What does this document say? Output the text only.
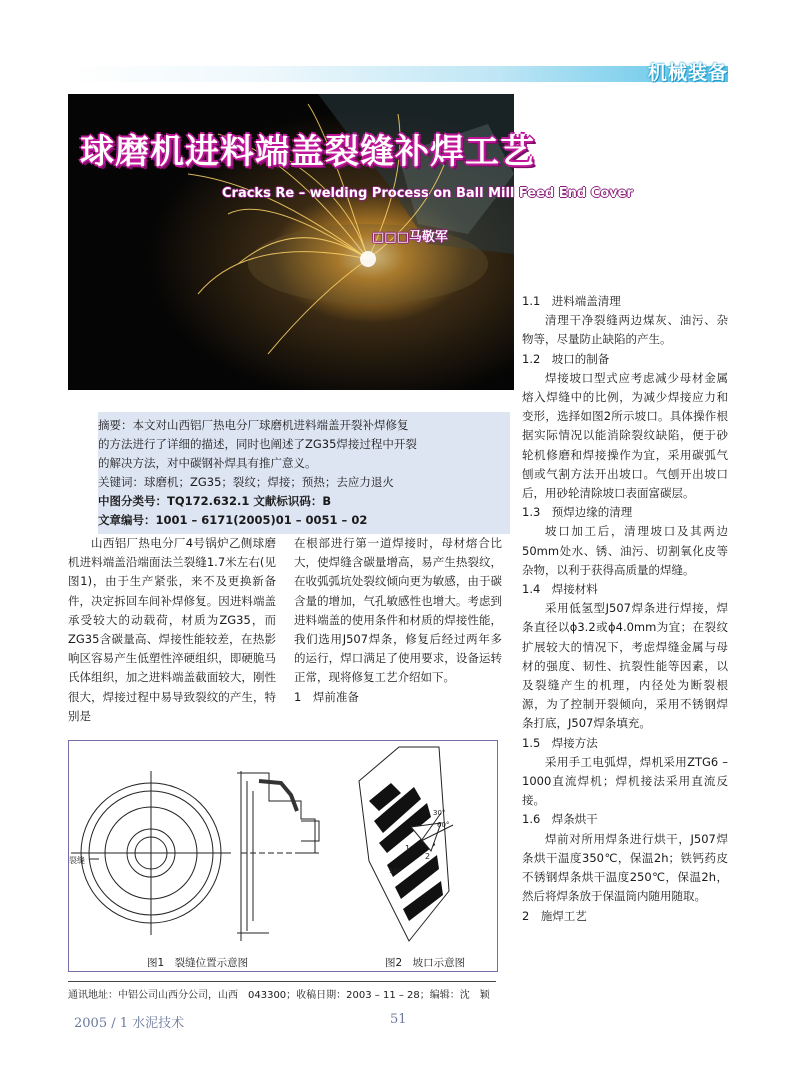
机械装备
球磨机进料端盖裂缝补焊工艺
Cracks Re – welding Process on Ball Mill Feed End Cover
□□□马敬军

摘要：本文对山西铝厂热电分厂球磨机进料端盖开裂补焊修复

的方法进行了详细的描述，同时也阐述了ZG35焊接过程中开裂

的解决方法，对中碳钢补焊具有推广意义。

关键词：球磨机；ZG35；裂纹；焊接；预热；去应力退火

中图分类号：TQ172.632.1 文献标识码：B

文章编号：1001 – 6171(2005)01 – 0051 – 02

山西铝厂热电分厂4号锅炉乙侧球磨机进料端盖沿端面法兰裂缝1.7米左右(见图1)，由于生产紧张，来不及更换新备件，决定拆回车间补焊修复。因进料端盖承受较大的动载荷，材质为ZG35，而ZG35含碳量高、焊接性能较差，在热影响区容易产生低塑性淬硬组织，即硬脆马氏体组织，加之进料端盖截面较大，刚性很大，焊接过程中易导致裂纹的产生，特别是

在根部进行第一道焊接时，母材熔合比大，使焊缝含碳量增高，易产生热裂纹，在收弧弧坑处裂纹倾向更为敏感，由于碳含量的增加，气孔敏感性也增大。考虑到进料端盖的使用条件和材质的焊接性能，我们选用J507焊条，修复后经过两年多的运行，焊口满足了使用要求，设备运转正常，现将修复工艺介绍如下。

1　焊前准备

1.1　进料端盖清理

清理干净裂缝两边煤灰、油污、杂物等，尽量防止缺陷的产生。

1.2　坡口的制备

焊接坡口型式应考虑减少母材金属熔入焊缝中的比例，为减少焊接应力和变形，选择如图2所示坡口。具体操作根据实际情况以能消除裂纹缺陷，便于砂轮机修磨和焊接操作为宜，采用碳弧气刨或气割方法开出坡口。气刨开出坡口后，用砂轮清除坡口表面富碳层。

1.3　预焊边缘的清理

坡口加工后，清理坡口及其两边50mm处水、锈、油污、切割氧化皮等杂物，以利于获得高质量的焊缝。

1.4　焊接材料

采用低氢型J507焊条进行焊接，焊条直径以ϕ3.2或ϕ4.0mm为宜；在裂纹扩展较大的情况下，考虑焊缝金属与母材的强度、韧性、抗裂性能等因素，以及裂缝产生的机理，内径处为断裂根源，为了控制开裂倾向，采用不锈钢焊条打底，J507焊条填充。

1.5　焊接方法

采用手工电弧焊，焊机采用ZTG6 – 1000直流焊机；焊机接法采用直流反接。

1.6　焊条烘干

焊前对所用焊条进行烘干，J507焊条烘干温度350℃，保温2h；铁钙药皮不锈钢焊条烘干温度250℃，保温2h，然后将焊条放于保温筒内随用随取。

2　施焊工艺

裂缝
30°
60°
10°
1
2
图1　裂缝位置示意图	图2　坡口示意图
通讯地址：中铝公司山西分公司，山西　043300；收稿日期：2003 – 11 – 28；编辑：沈　颖
2005 / 1 水泥技术	51
